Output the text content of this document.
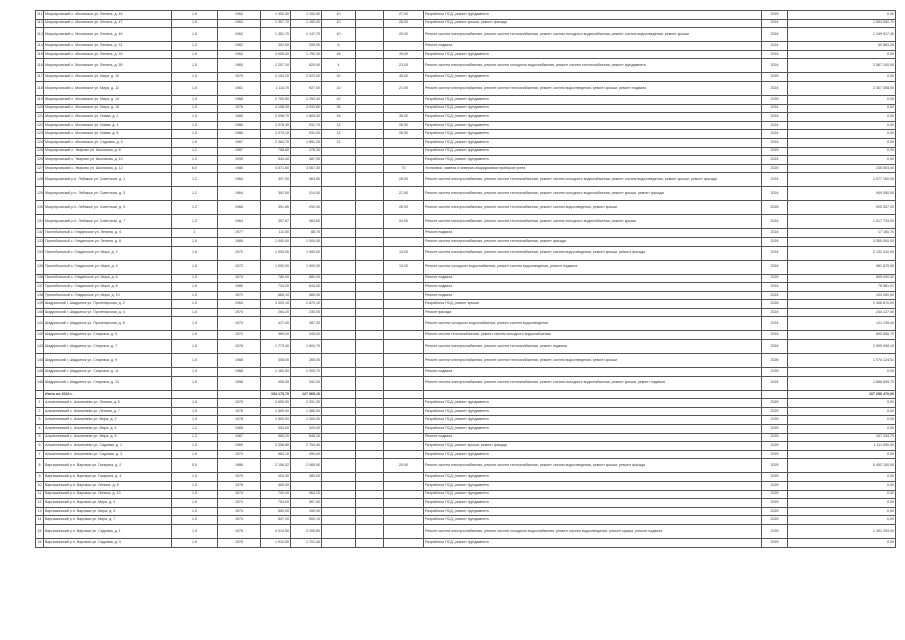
111	Мокроусовский с. Моховское ул. Ленина, д. 45	1.5	1962	1 354,30	1 150,50	10		27,00	Разработка ПСД, ремонт фундамента	2025	0,00
112	Мокроусовский с. Моховское ул. Ленина, д. 47	1.5	1962	1 357,70	1 160,00	10		26,00	Разработка ПСД, ремонт крыши, ремонт фасада	2024	1 554 550,70
113	Мокроусовский с. Моховское ул. Ленина, д. 49	1.5	1962	1 351,70	1 147,70	10		25,00	Ремонт систем электроснабжения, ремонт систем теплоснабжения, ремонт систем холодного водоснабжения, ремонт систем водоотведения, ремонт крыши	2024	1 149 917,40
114	Мокроусовский с. Моховское ул. Ленина, д. 51	1.2	1962	352,00	299,50	6			Ремонт подвала	2024	50 883,20
115	Мокроусовский с. Моховское ул. Ленина, д. 53	1.5	1962	2 055,40	1 750,30	18		39,00	Разработка ПСД, ремонт фундамента	2024	0,00
116	Мокроусовский с. Моховское ул. Ленина, д. 55	1.5	1960	1 257,10	820,00	4		23,00	Ремонт систем электроснабжения, ремонт систем холодного водоснабжения, ремонт систем теплоснабжения, ремонт фундамента	2024	2 587 100,00
117	Мокроусовский с. Моховское ул. Мира, д. 10	1.5	1970	3 104,20	2 922,00	20		46,00	Разработка ПСД, ремонт фундамента	2025	0,00
118	Мокроусовский с. Моховское ул. Мира, д. 12	1.5	1961	1 114,70	927,00	10		21,00	Ремонт систем электроснабжения, ремонт систем теплоснабжения, ремонт систем водоотведения, ремонт крыши, ремонт подвала	2024	2 307 308,00
119	Мокроусовский с. Моховское ул. Мира, д. 14	1.5	1968	2 750,50	2 294,40	20			Разработка ПСД, ремонт фундамента	2025	0,00
120	Мокроусовский с. Моховское ул. Мира, д. 16	1.5	1976	4 158,00	3 933,80	36			Разработка ПСД, ремонт фундамента	2024	0,00
121	Мокроусовский с. Моховское ул. Новая, д. 2	1.5	1980	2 098,70	1 805,30	18		38,00	Разработка ПСД, ремонт фундамента	2024	0,00
122	Мокроусовский с. Моховское ул. Новая, д. 4	1.5	1986	1 078,40	931,70	12		26,00	Разработка ПСД, ремонт фундамента	2024	0,00
123	Мокроусовский с. Моховское ул. Новая, д. 6	1.5	1986	1 073,10	931,00	12		26,00	Разработка ПСД, ремонт фундамента	2024	0,00
124	Мокроусовский с. Моховское ул. Садовая, д. 3	1.5	1987	2 364,70	1 851,20	12			Разработка ПСД, ремонт фундамента	2024	0,00
125	Мокроусовский с. Уварово ул. Школьная, д. 8	1.2	1987	788,60	476,30				Разработка ПСД, ремонт фундамента	2025	0,00
126	Мокроусовский с. Уварово ул. Школьная, д. 10	1.2	1990	544,40	487,30				Разработка ПСД, ремонт фундамента	2024	0,00
127	Мокроусовский с. Уварово ул. Школьная, д. 12	6.0	1986	4 571,60	3 557,30			70	Установка, замена и поверка общедомовых приборов учета	2025	235 503,00
128	Мокроусовский р.п. Лебяжье ул. Советская, д. 1	1.2	1964	397,00	363,80			28,00	Ремонт систем электроснабжения, ремонт систем теплоснабжения, ремонт систем холодного водоснабжения, ремонт систем водоотведения, ремонт крыши, ремонт фасада	2024	1 077 100,00
129	Мокроусовский р.п. Лебяжье ул. Советская, д. 3	1.2	1964	392,00	314,00			27,00	Ремонт систем электроснабжения, ремонт систем теплоснабжения, ремонт систем холодного водоснабжения, ремонт крыши, ремонт фасада	2024	949 050,00
130	Мокроусовский р.п. Лебяжье ул. Советская, д. 5	1.2	1966	391,60	290,40			26,00	Ремонт систем электроснабжения, ремонт систем теплоснабжения, ремонт систем водоотведения, ремонт крыши	2026	925 307,00
131	Мокроусовский р.п. Лебяжье ул. Советская, д. 7	1.2	1964	397,67	363,60			24,00	Ремонт систем электроснабжения, ремонт систем теплоснабжения, ремонт систем холодного водоснабжения, ремонт крыши	2024	1 017 734,00
132	Притобольный с. Глядянское ул. Ленина, д. 4	1	1977	111,50	88,70				Ремонт подвала	2024	17 160,70
133	Притобольный с. Глядянское ул. Ленина, д. 6	1.5	1985	1 000,00	1 000,00				Ремонт систем электроснабжения, ремонт систем теплоснабжения, ремонт фасада	2024	3 355 000,00
134	Притобольный с. Глядянское ул. Мира, д. 2	1.5	1972	1 000,00	1 000,00			10,00	Ремонт систем электроснабжения, ремонт систем теплоснабжения, ремонт систем водоотведения, ремонт крыши, ремонт фасада	2024	2 132 410,00
135	Притобольный с. Глядянское ул. Мира, д. 4	1.5	1972	1 000,00	1 000,00			10,00	Ремонт систем холодного водоснабжения, ремонт систем водоотведения, ремонт подвала	2024	981 870,00
136	Притобольный с. Глядянское ул. Мира, д. 6	1.5	1974	780,00	680,00				Ремонт подвала	2025	505 000,00
137	Притобольный с. Глядянское ул. Мира, д. 8	1.5	1980	724,20	644,00				Ремонт подвала	2024	78 581,21
138	Притобольный с. Глядянское ул. Мира, д. 10	1.5	1972	665,10	580,00				Ремонт подвала	2024	103 000,00
139	Шадринский г. Шадринск ул. Пролетарская, д. 2	1.5	1964	3 329,10	2 870,10				Разработка ПСД, ремонт крыши	2026	2 406 870,00
140	Шадринский г. Шадринск ул. Пролетарская, д. 4	1.5	1974	264,20	230,00				Ремонт фасада	2024	244 127,50
141	Шадринский г. Шадринск ул. Пролетарская, д. 6	1.5	1974	417,40	387,30				Ремонт систем холодного водоснабжения, ремонт систем водоотведения	2024	121 135,40
142	Шадринский г. Шадринск ул. Спартака, д. 5	1.5	1972	389,00	345,00				Ремонт систем теплоснабжения, ремонт систем холодного водоснабжения	2024	690 556,70
143	Шадринский г. Шадринск ул. Спартака, д. 7	1.5	1976	1 773,40	1 604,70				Ремонт систем электроснабжения, ремонт систем теплоснабжения, ремонт подвала	2024	2 595 098,10
144	Шадринский г. Шадринск ул. Спартака, д. 9	1.5	1968	308,00	265,00				Ремонт систем электроснабжения, ремонт систем теплоснабжения, ремонт систем водоотведения, ремонт крыши	2026	1 074 124,51
145	Шадринский г. Шадринск ул. Спартака, д. 11	1.5	1968	1 160,00	1 000,70				Ремонт подвала	2025	0,00
146	Шадринский г. Шадринск ул. Спартака, д. 13	1.5	1958	455,00	342,00				Ремонт систем электроснабжения, ремонт систем теплоснабжения, ремонт систем холодного водоснабжения, ремонт крыши, ремонт подвала	2024	1 666 695,70
	Итого по 2024 г.			154 175,70	127 565,10						107 256 470,00
1	Альменевский с. Альменево ул. Ленина, д. 5	1.5	1975	2 659,30	2 391,30				Разработка ПСД, ремонт фундамента	2025	0,00
2	Альменевский с. Альменево ул. Ленина, д. 7	1.5	1976	1 590,00	1 380,00				Разработка ПСД, ремонт фундамента	2025	0,00
3	Альменевский с. Альменево ул. Мира, д. 2	1.5	1978	1 550,00	1 300,00				Разработка ПСД, ремонт фундамента	2025	0,00
4	Альменевский с. Альменево ул. Мира, д. 4	1.2	1965	354,00	320,00				Разработка ПСД, ремонт фундамента	2025	0,00
5	Альменевский с. Альменево ул. Мира, д. 6	1.2	1987	965,20	846,20				Ремонт подвала	2025	107 434,70
6	Альменевский с. Альменево ул. Садовая, д. 1	1.5	1969	3 356,80	2 754,40				Разработка ПСД, ремонт крыши, ремонт фасада	2025	1 111 050,00
7	Альменевский с. Альменево ул. Садовая, д. 3	1.5	1973	564,10	490,00				Разработка ПСД, ремонт фундамента	2025	0,00
8	Варгашинский р.п. Варгаши ул. Гагарина, д. 2	5.5	1986	2 156,02	2 065,90			20,00	Ремонт систем электроснабжения, ремонт систем теплоснабжения, ремонт систем водоотведения, ремонт крыши, ремонт фасада	2025	5 452 150,00
9	Варгашинский р.п. Варгаши ул. Гагарина, д. 4	1.5	1970	404,30	380,00				Разработка ПСД, ремонт фундамента	2025	0,00
10	Варгашинский р.п. Варгаши ул. Ленина, д. 8	1.5	1978	465,00					Разработка ПСД, ремонт фундамента	2025	0,00
11	Варгашинский р.п. Варгаши ул. Ленина, д. 10	1.5	1974	700,00	564,20				Разработка ПСД, ремонт фундамента	2025	0,00
12	Варгашинский р.п. Варгаши ул. Мира, д. 3	1.5	1974	754,00	567,40				Разработка ПСД, ремонт фундамента	2025	0,00
13	Варгашинский р.п. Варгаши ул. Мира, д. 5	1.5	1974	550,00	490,00				Разработка ПСД, ремонт фундамента	2025	0,00
14	Варгашинский р.п. Варгаши ул. Мира, д. 7	1.5	1974	547,20	500,10				Разработка ПСД, ремонт фундамента	2025	0,00
15	Варгашинский р.п. Варгаши ул. Садовая, д. 1	1.5	1975	4 314,50	3 309,80				Ремонт систем электроснабжения, ремонт систем холодного водоснабжения, ремонт систем водоотведения, ремонт крыши, ремонт подвала	2025	1 451 294,00
16	Варгашинский р.п. Варгаши ул. Садовая, д. 3	1.5	1975	1 910,50	1 701,40				Разработка ПСД, ремонт фундамента	2025	0,00
